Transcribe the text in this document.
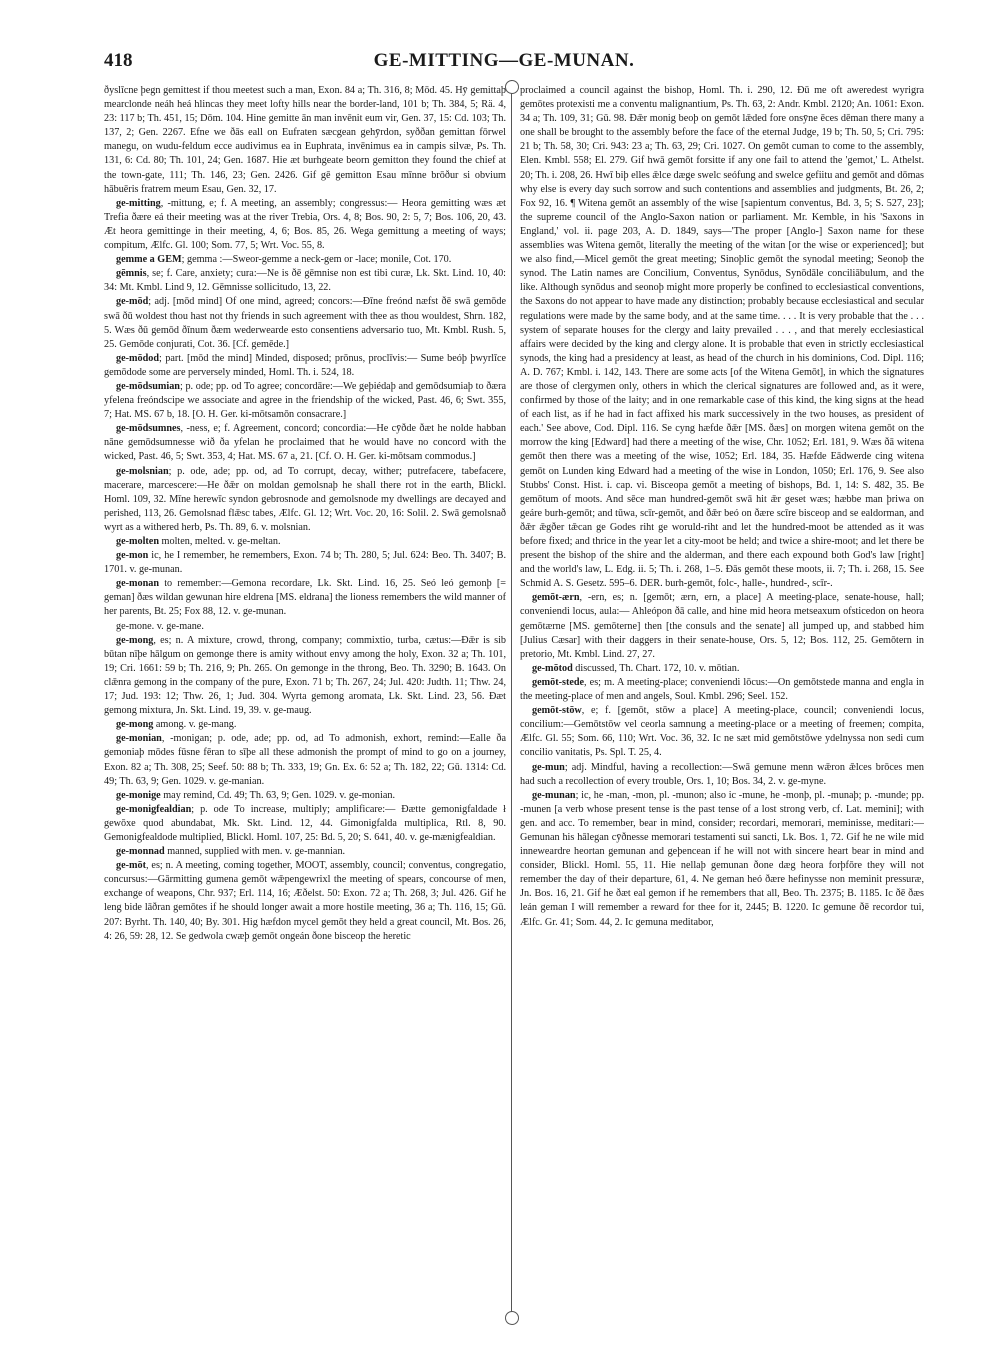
418	GE-MITTING—GE-MUNAN.

ðyslīcne þegn gemittest if thou meetest such a man, Exon. 84 a; Th. 316, 8; Mōd. 45. Hȳ gemittaþ mearclonde neáh heá hlincas they meet lofty hills near the border-land, 101 b; Th. 384, 5; Rä. 4, 23: 117 b; Th. 451, 15; Dōm. 104. Hine gemitte ān man invēnit eum vir, Gen. 37, 15: Cd. 103; Th. 137, 2; Gen. 2267. Efne we ðās eall on Eufraten sæcgean gehȳrdon, syððan gemittan fōrwel manegu, on wudu-feldum ecce audivimus ea in Euphrata, invēnimus ea in campis silvæ, Ps. Th. 131, 6: Cd. 80; Th. 101, 24; Gen. 1687. Hie æt burhgeate beorn gemitton they found the chief at the town-gate, 111; Th. 146, 23; Gen. 2426. Gif gē gemitton Esau mīnne brōður si obvium hābuēris fratrem meum Esau, Gen. 32, 17.

ge-mitting, -mittung, e; f. A meeting, an assembly; congressus:— Heora gemitting wæs æt Trefia ðære eá their meeting was at the river Trebia, Ors. 4, 8; Bos. 90, 2: 5, 7; Bos. 106, 20, 43. Æt heora gemittinge in their meeting, 4, 6; Bos. 85, 26. Wega gemittung a meeting of ways; compitum, Ælfc. Gl. 100; Som. 77, 5; Wrt. Voc. 55, 8.

gemme a GEM; gemma :—Sweor-gemme a neck-gem or -lace; monile, Cot. 170.

gēmnis, se; f. Care, anxiety; cura:—Ne is ðē gēmnise non est tibi curæ, Lk. Skt. Lind. 10, 40: 34: Mt. Kmbl. Lind 9, 12. Gēmnisse sollicitudo, 13, 22.

ge-mōd; adj. [mōd mind] Of one mind, agreed; concors:—Ðīne freónd næfst ðē swā gemōde swā ðū woldest thou hast not thy friends in such agreement with thee as thou wouldest, Shrn. 182, 5. Wæs ðū gemōd ðīnum ðæm wederwearde esto consentiens adversario tuo, Mt. Kmbl. Rush. 5, 25. Gemōde conjurati, Cot. 36. [Cf. gemēde.]

ge-mōdod; part. [mōd the mind] Minded, disposed; prōnus, proclīvis:— Sume beóþ þwyrlīce gemōdode some are perversely minded, Homl. Th. i. 524, 18.

ge-mōdsumian; p. ode; pp. od To agree; concordāre:—We geþiédaþ and gemōdsumiaþ to ðæra yfelena freóndscipe we associate and agree in the friendship of the wicked, Past. 46, 6; Swt. 355, 7; Hat. MS. 67 b, 18. [O. H. Ger. ki-mōtsamōn consacrare.]

ge-mōdsumnes, -ness, e; f. Agreement, concord; concordia:—He cȳðde ðæt he nolde habban nāne gemōdsumnesse wið ða yfelan he proclaimed that he would have no concord with the wicked, Past. 46, 5; Swt. 353, 4; Hat. MS. 67 a, 21. [Cf. O. H. Ger. ki-mōtsam commodus.]

ge-molsnian; p. ode, ade; pp. od, ad To corrupt, decay, wither; putrefacere, tabefacere, macerare, marcescere:—He ðǣr on moldan gemolsnaþ he shall there rot in the earth, Blickl. Homl. 109, 32. Mīne herewīc syndon gebrosnode and gemolsnode my dwellings are decayed and perished, 113, 26. Gemolsnad flǣsc tabes, Ælfc. Gl. 12; Wrt. Voc. 20, 16: Solil. 2. Swā gemolsnað wyrt as a withered herb, Ps. Th. 89, 6. v. molsnian.

ge-molten molten, melted. v. ge-meltan.

ge-mon ic, he I remember, he remembers, Exon. 74 b; Th. 280, 5; Jul. 624: Beo. Th. 3407; B. 1701. v. ge-munan.

ge-monan to remember:—Gemona recordare, Lk. Skt. Lind. 16, 25. Seó leó gemonþ [= geman] ðæs wildan gewunan hire eldrena [MS. eldrana] the lioness remembers the wild manner of her parents, Bt. 25; Fox 88, 12. v. ge-munan.

ge-mone. v. ge-mane.

ge-mong, es; n. A mixture, crowd, throng, company; commixtio, turba, cætus:—Ðǣr is sib būtan nīþe hālgum on gemonge there is amity without envy among the holy, Exon. 32 a; Th. 101, 19; Cri. 1661: 59 b; Th. 216, 9; Ph. 265. On gemonge in the throng, Beo. Th. 3290; B. 1643. On clǣnra gemong in the company of the pure, Exon. 71 b; Th. 267, 24; Jul. 420: Judth. 11; Thw. 24, 17; Jud. 193: 12; Thw. 26, 1; Jud. 304. Wyrta gemong aromata, Lk. Skt. Lind. 23, 56. Ðæt gemong mixtura, Jn. Skt. Lind. 19, 39. v. ge-maug.

ge-mong among. v. ge-mang.

ge-monian, -monigan; p. ode, ade; pp. od, ad To admonish, exhort, remind:—Ealle ða gemoniaþ mōdes fūsne fēran to sīþe all these admonish the prompt of mind to go on a journey, Exon. 82 a; Th. 308, 25; Seef. 50: 88 b; Th. 333, 19; Gn. Ex. 6: 52 a; Th. 182, 22; Gū. 1314: Cd. 49; Th. 63, 9; Gen. 1029. v. ge-manian.

ge-monige may remind, Cd. 49; Th. 63, 9; Gen. 1029. v. ge-monian.

ge-monigfealdian; p. ode To increase, multiply; amplificare:— Ðætte gemonigfaldade ł gewōxe quod abundabat, Mk. Skt. Lind. 12, 44. Gimonigfalda multiplica, Rtl. 8, 90. Gemonigfealdode multiplied, Blickl. Homl. 107, 25: Bd. 5, 20; S. 641, 40. v. ge-mænigfealdian.

ge-monnad manned, supplied with men. v. ge-mannian.

ge-mōt, es; n. A meeting, coming together, MOOT, assembly, council; conventus, congregatio, concursus:—Gārmitting gumena gemōt wǣpengewrixl the meeting of spears, concourse of men, exchange of weapons, Chr. 937; Erl. 114, 16; Æðelst. 50: Exon. 72 a; Th. 268, 3; Jul. 426. Gif he leng bide lāðran gemōtes if he should longer await a more hostile meeting, 36 a; Th. 116, 15; Gū. 207: Byrht. Th. 140, 40; By. 301. Hig hæfdon mycel gemōt they held a great council, Mt. Bos. 26, 4: 26, 59: 28, 12. Se gedwola cwæþ gemōt ongeán ðone bisceop the heretic

proclaimed a council against the bishop, Homl. Th. i. 290, 12. Ðū me oft aweredest wyrigra gemōtes protexisti me a conventu malignantium, Ps. Th. 63, 2: Andr. Kmbl. 2120; An. 1061: Exon. 34 a; Th. 109, 31; Gū. 98. Ðǣr monig beoþ on gemōt lǣded fore onsȳne ēces dēman there many a one shall be brought to the assembly before the face of the eternal Judge, 19 b; Th. 50, 5; Cri. 795: 21 b; Th. 58, 30; Cri. 943: 23 a; Th. 63, 29; Cri. 1027. On gemōt cuman to come to the assembly, Elen. Kmbl. 558; El. 279. Gif hwā gemōt forsitte if any one fail to attend the 'gemot,' L. Athelst. 20; Th. i. 208, 26. Hwī biþ elles ǣlce dæge swelc seófung and swelce gefiitu and gemōt and dōmas why else is every day such sorrow and such contentions and assemblies and judgments, Bt. 26, 2; Fox 92, 16. ¶ Witena gemōt an assembly of the wise [sapientum conventus, Bd. 3, 5; S. 527, 23]; the supreme council of the Anglo-Saxon nation or parliament. Mr. Kemble, in his 'Saxons in England,' vol. ii. page 203, A. D. 1849, says—'The proper [Anglo-] Saxon name for these assemblies was Witena gemōt, literally the meeting of the witan [or the wise or experienced]; but we also find,—Micel gemōt the great meeting; Sinoþlic gemōt the synodal meeting; Seonoþ the synod. The Latin names are Concilium, Conventus, Synōdus, Synōdāle conciliābulum, and the like. Although synōdus and seonoþ might more properly be confined to ecclesiastical conventions, the Saxons do not appear to have made any distinction; probably because ecclesiastical and secular regulations were made by the same body, and at the same time. . . . It is very probable that the . . . system of separate houses for the clergy and laity prevailed . . . , and that merely ecclesiastical affairs were decided by the king and clergy alone. It is probable that even in strictly ecclesiastical synods, the king had a presidency at least, as head of the church in his dominions, Cod. Dipl. 116; A. D. 767; Kmbl. i. 142, 143. There are some acts [of the Witena Gemōt], in which the signatures are those of clergymen only, others in which the clerical signatures are followed and, as it were, confirmed by those of the laity; and in one remarkable case of this kind, the king signs at the head of each list, as if he had in fact affixed his mark successively in the two houses, as president of each.' See above, Cod. Dipl. 116. Se cyng hæfde ðǣr [MS. ðæs] on morgen witena gemōt on the morrow the king [Edward] had there a meeting of the wise, Chr. 1052; Erl. 181, 9. Wæs ðā witena gemōt then there was a meeting of the wise, 1052; Erl. 184, 35. Hæfde Eādwerde cing witena gemōt on Lunden king Edward had a meeting of the wise in London, 1050; Erl. 176, 9. See also Stubbs' Const. Hist. i. cap. vi. Bisceopa gemōt a meeting of bishops, Bd. 1, 14: S. 482, 35. Be gemōtum of moots. And sēce man hundred-gemōt swā hit ǣr geset wæs; hæbbe man þriwa on geáre burh-gemōt; and tūwa, scīr-gemōt, and ðǣr beó on ðære scīre bisceop and se ealdorman, and ðǣr ǣgðer tǣcan ge Godes riht ge woruld-riht and let the hundred-moot be attended as it was before fixed; and thrice in the year let a city-moot be held; and twice a shire-moot; and let there be present the bishop of the shire and the alderman, and there each expound both God's law [right] and the world's law, L. Edg. ii. 5; Th. i. 268, 1–5. Ðās gemōt these moots, ii. 7; Th. i. 268, 15. See Schmid A. S. Gesetz. 595–6. DER. burh-gemōt, folc-, halle-, hundred-, scīr-.

gemōt-ærn, -ern, es; n. [gemōt; ærn, ern, a place] A meeting-place, senate-house, hall; conveniendi locus, aula:— Ahleópon ðā calle, and hine mid heora metseaxum ofsticedon on heora gemōtærne [MS. gemōterne] then [the consuls and the senate] all jumped up, and stabbed him [Julius Cæsar] with their daggers in their senate-house, Ors. 5, 12; Bos. 112, 25. Gemōtern in pretorio, Mt. Kmbl. Lind. 27, 27.

ge-mōtod discussed, Th. Chart. 172, 10. v. mōtian.

gemōt-stede, es; m. A meeting-place; conveniendi lōcus:—On gemōtstede manna and engla in the meeting-place of men and angels, Soul. Kmbl. 296; Seel. 152.

gemōt-stōw, e; f. [gemōt, stōw a place] A meeting-place, council; conveniendi locus, concilium:—Gemōtstōw vel ceorla samnung a meeting-place or a meeting of freemen; compita, Ælfc. Gl. 55; Som. 66, 110; Wrt. Voc. 36, 32. Ic ne sæt mid gemōtstōwe ydelnyssa non sedi cum concilio vanitatis, Ps. Spl. T. 25, 4.

ge-mun; adj. Mindful, having a recollection:—Swā gemune menn wǣron ǣlces brōces men had such a recollection of every trouble, Ors. 1, 10; Bos. 34, 2. v. ge-myne.

ge-munan; ic, he -man, -mon, pl. -munon; also ic -mune, he -monþ, pl. -munaþ; p. -munde; pp. -munen [a verb whose present tense is the past tense of a lost strong verb, cf. Lat. memini]; with gen. and acc. To remember, bear in mind, consider; recordari, memorari, meminisse, meditari:—Gemunan his hālegan cȳðnesse memorari testamenti sui sancti, Lk. Bos. 1, 72. Gif he ne wile mid inneweardre heortan gemunan and geþencean if he will not with sincere heart bear in mind and consider, Blickl. Homl. 55, 11. Hie nellaþ gemunan ðone dæg heora forþfōre they will not remember the day of their departure, 61, 4. Ne geman heó ðære hefinysse non meminit pressuræ, Jn. Bos. 16, 21. Gif he ðæt eal gemon if he remembers that all, Beo. Th. 2375; B. 1185. Ic ðē ðæs leán geman I will remember a reward for thee for it, 2445; B. 1220. Ic gemune ðē recordor tui, Ælfc. Gr. 41; Som. 44, 2. Ic gemuna meditabor,
